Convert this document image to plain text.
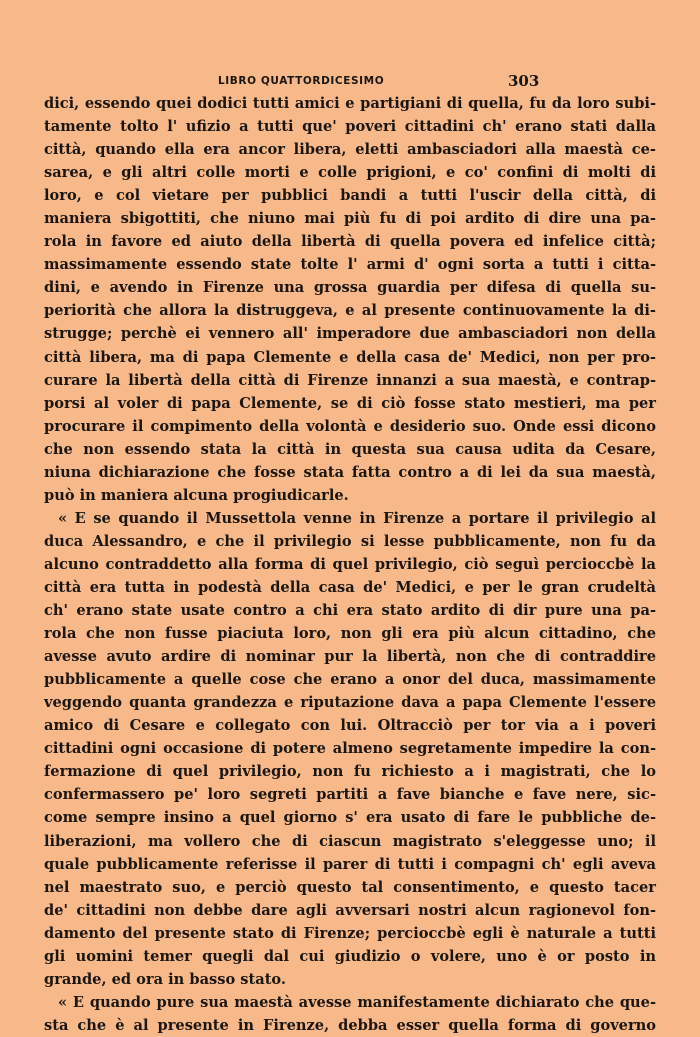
LIBRO QUATTORDICESIMO	303
dici, essendo quei dodici tutti amici e partigiani di quella, fu da loro subi-
tamente tolto l' ufizio a tutti que' poveri cittadini ch' erano stati dalla
città, quando ella era ancor libera, eletti ambasciadori alla maestà ce-
sarea, e gli altri colle morti e colle prigioni, e co' confini di molti di
loro, e col vietare per pubblici bandi a tutti l'uscir della città, di
maniera sbigottiti, che niuno mai più fu di poi ardito di dire una pa-
rola in favore ed aiuto della libertà di quella povera ed infelice città;
massimamente essendo state tolte l' armi d' ogni sorta a tutti i citta-
dini, e avendo in Firenze una grossa guardia per difesa di quella su-
periorità che allora la distruggeva, e al presente continuovamente la di-
strugge; perchè ei vennero all' imperadore due ambasciadori non della
città libera, ma di papa Clemente e della casa de' Medici, non per pro-
curare la libertà della città di Firenze innanzi a sua maestà, e contrap-
porsi al voler di papa Clemente, se di ciò fosse stato mestieri, ma per
procurare il compimento della volontà e desiderio suo. Onde essi dicono
che non essendo stata la città in questa sua causa udita da Cesare,
niuna dichiarazione che fosse stata fatta contro a di lei da sua maestà,
può in maniera alcuna progiudicarle.
« E se quando il Mussettola venne in Firenze a portare il privilegio al
duca Alessandro, e che il privilegio si lesse pubblicamente, non fu da
alcuno contraddetto alla forma di quel privilegio, ciò seguì percioccbè la
città era tutta in podestà della casa de' Medici, e per le gran crudeltà
ch' erano state usate contro a chi era stato ardito di dir pure una pa-
rola che non fusse piaciuta loro, non gli era più alcun cittadino, che
avesse avuto ardire di nominar pur la libertà, non che di contraddire
pubblicamente a quelle cose che erano a onor del duca, massimamente
veggendo quanta grandezza e riputazione dava a papa Clemente l'essere
amico di Cesare e collegato con lui. Oltracciò per tor via a i poveri
cittadini ogni occasione di potere almeno segretamente impedire la con-
fermazione di quel privilegio, non fu richiesto a i magistrati, che lo
confermassero pe' loro segreti partiti a fave bianche e fave nere, sic-
come sempre insino a quel giorno s' era usato di fare le pubbliche de-
liberazioni, ma vollero che di ciascun magistrato s'eleggesse uno; il
quale pubblicamente referisse il parer di tutti i compagni ch' egli aveva
nel maestrato suo, e perciò questo tal consentimento, e questo tacer
de' cittadini non debbe dare agli avversari nostri alcun ragionevol fon-
damento del presente stato di Firenze; percioccbè egli è naturale a tutti
gli uomini temer quegli dal cui giudizio o volere, uno è or posto in
grande, ed ora in basso stato.
« E quando pure sua maestà avesse manifestamente dichiarato che que-
sta che è al presente in Firenze, debba esser quella forma di governo
